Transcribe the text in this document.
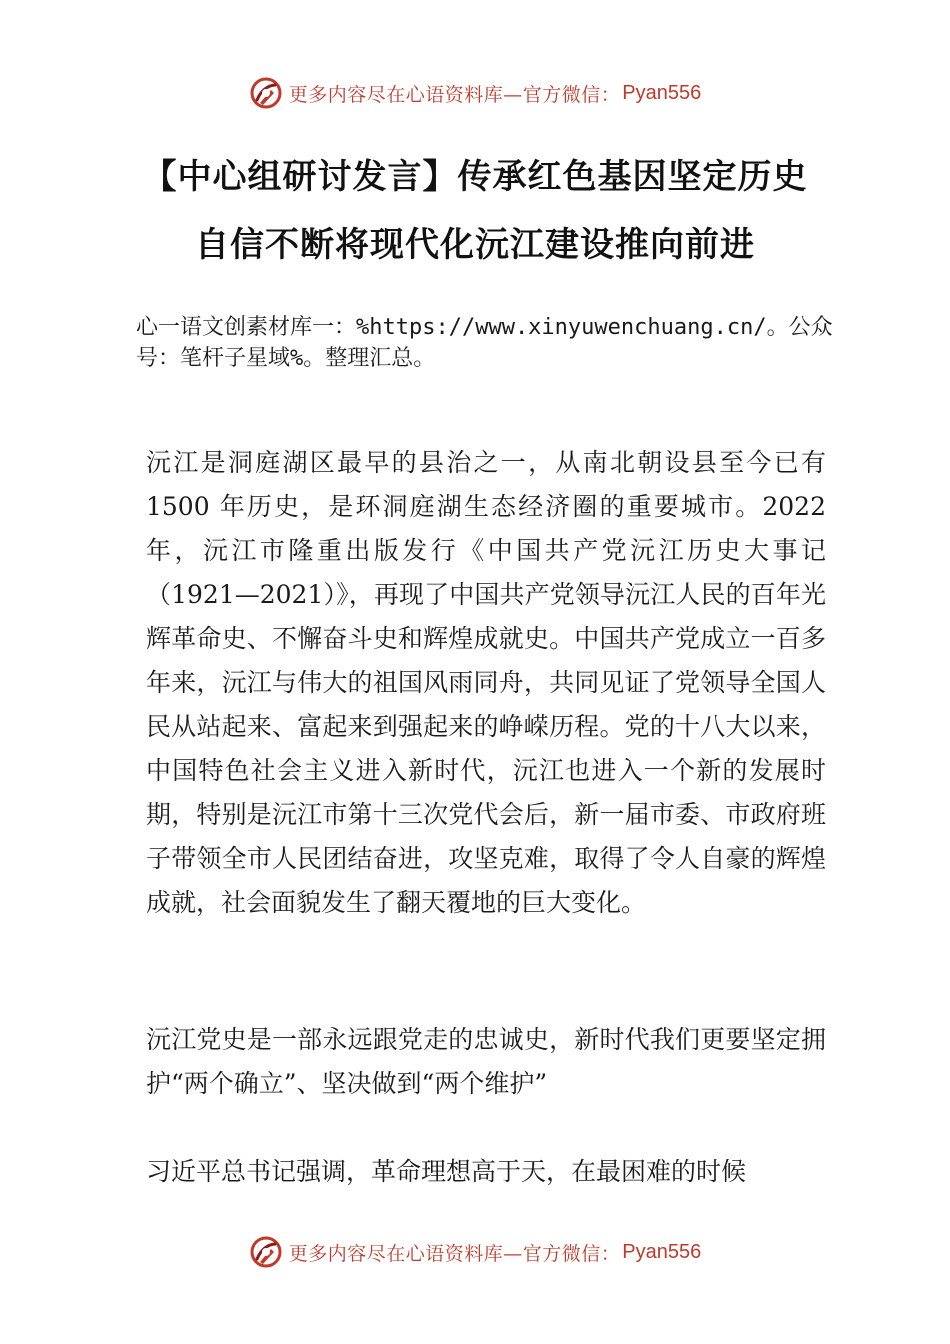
更多内容尽在心语资料库—官方微信： Pyan556
【中心组研讨发言】传承红色基因坚定历史
自信不断将现代化沅江建设推向前进
心一语文创素材库一：%https://www.xinyuwenchuang.cn/。公众号：笔杆子星域%。整理汇总。
沅江是洞庭湖区最早的县治之一，从南北朝设县至今已有 1500 年历史，是环洞庭湖生态经济圈的重要城市。2022年，沅江市隆重出版发行《中国共产党沅江历史大事记（1921—2021）》，再现了中国共产党领导沅江人民的百年光辉革命史、不懈奋斗史和辉煌成就史。中国共产党成立一百多年来，沅江与伟大的祖国风雨同舟，共同见证了党领导全国人民从站起来、富起来到强起来的峥嵘历程。党的十八大以来，中国特色社会主义进入新时代，沅江也进入一个新的发展时期，特别是沅江市第十三次党代会后，新一届市委、市政府班子带领全市人民团结奋进，攻坚克难，取得了令人自豪的辉煌成就，社会面貌发生了翻天覆地的巨大变化。
沅江党史是一部永远跟党走的忠诚史，新时代我们更要坚定拥护“两个确立”、坚决做到“两个维护”
习近平总书记强调，革命理想高于天，在最困难的时候
更多内容尽在心语资料库—官方微信： Pyan556
